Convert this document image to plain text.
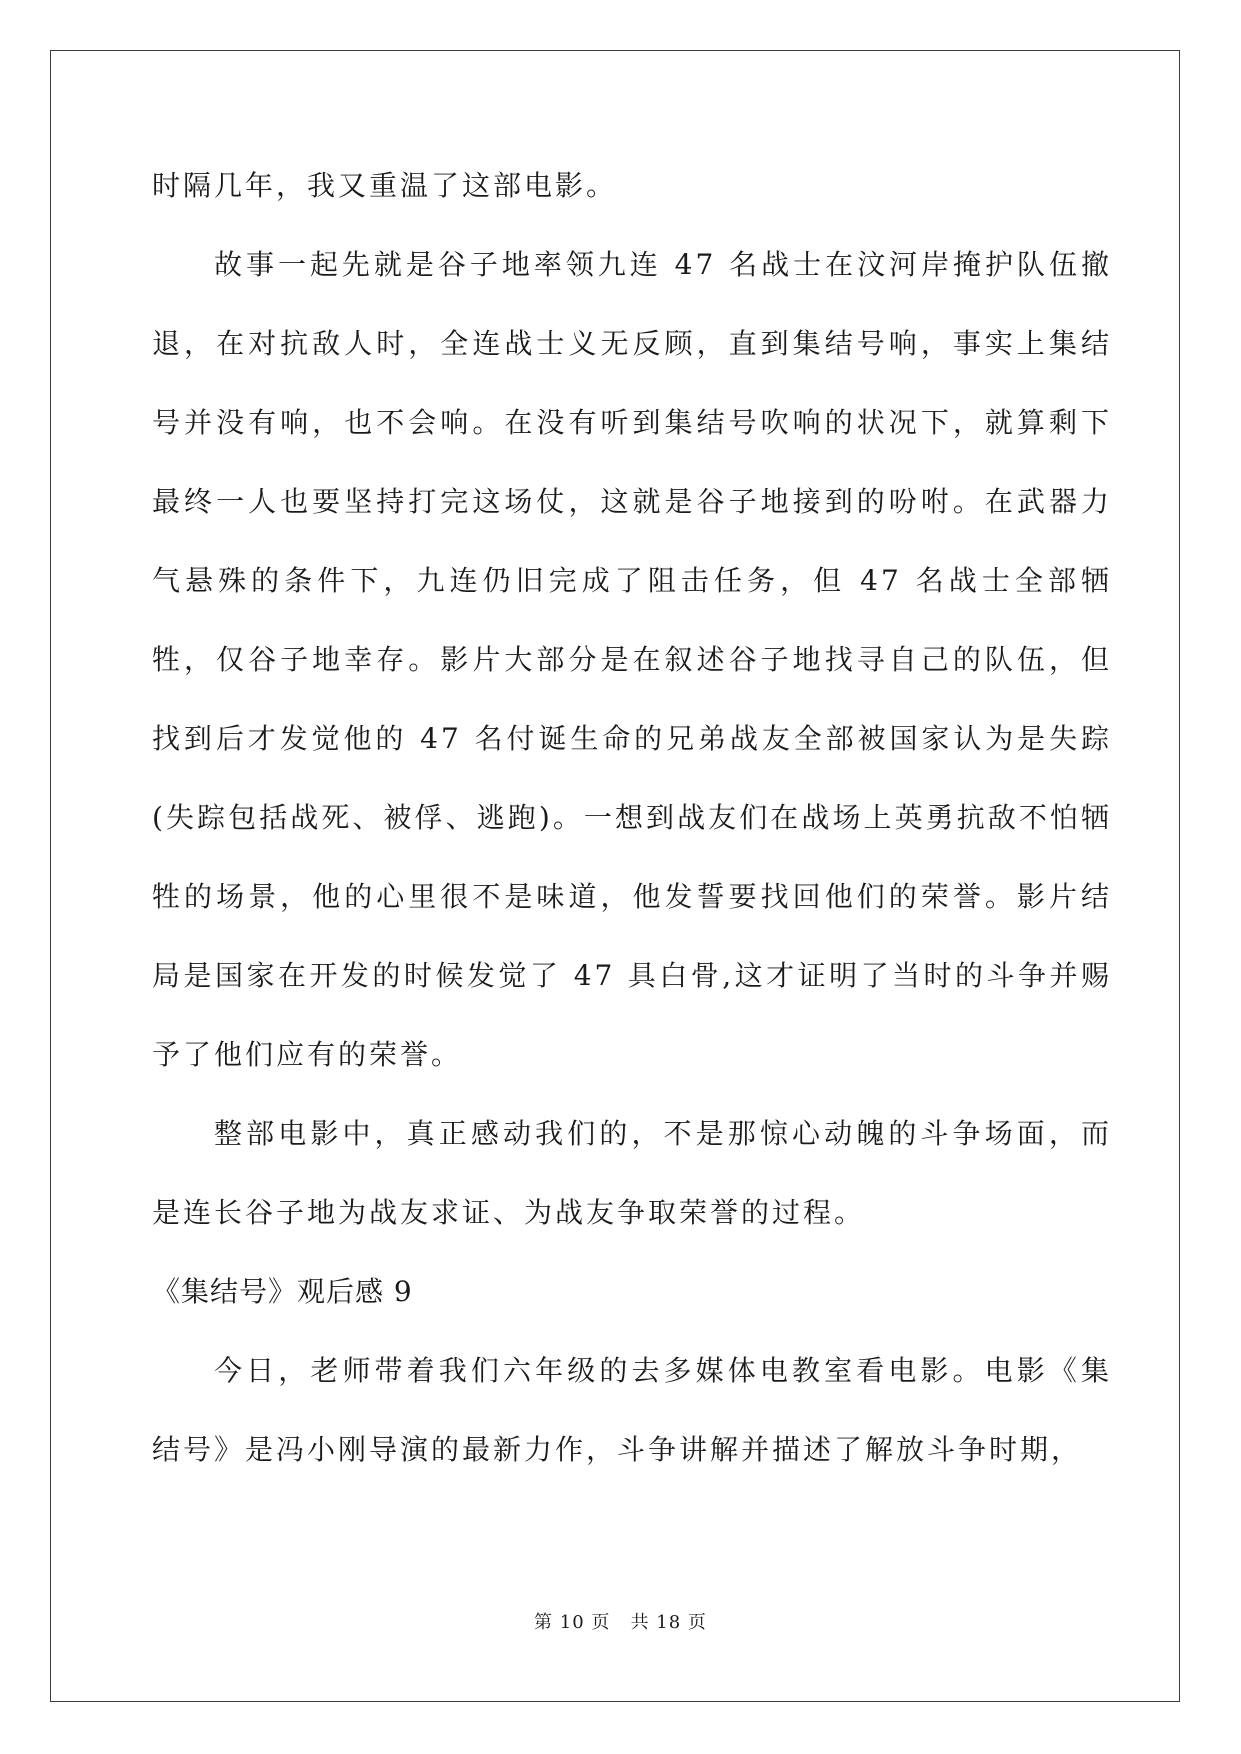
时隔几年，我又重温了这部电影。

故事一起先就是谷子地率领九连 47 名战士在汶河岸掩护队伍撤退，在对抗敌人时，全连战士义无反顾，直到集结号响，事实上集结号并没有响，也不会响。在没有听到集结号吹响的状况下，就算剩下最终一人也要坚持打完这场仗，这就是谷子地接到的吩咐。在武器力气悬殊的条件下，九连仍旧完成了阻击任务，但 47 名战士全部牺牲，仅谷子地幸存。影片大部分是在叙述谷子地找寻自己的队伍，但找到后才发觉他的 47 名付诞生命的兄弟战友全部被国家认为是失踪(失踪包括战死、被俘、逃跑)。一想到战友们在战场上英勇抗敌不怕牺牲的场景，他的心里很不是味道，他发誓要找回他们的荣誉。影片结局是国家在开发的时候发觉了 47 具白骨,这才证明了当时的斗争并赐予了他们应有的荣誉。

整部电影中，真正感动我们的，不是那惊心动魄的斗争场面，而是连长谷子地为战友求证、为战友争取荣誉的过程。

《集结号》观后感 9

今日，老师带着我们六年级的去多媒体电教室看电影。电影《集结号》是冯小刚导演的最新力作，斗争讲解并描述了解放斗争时期，

第 10 页 共 18 页
